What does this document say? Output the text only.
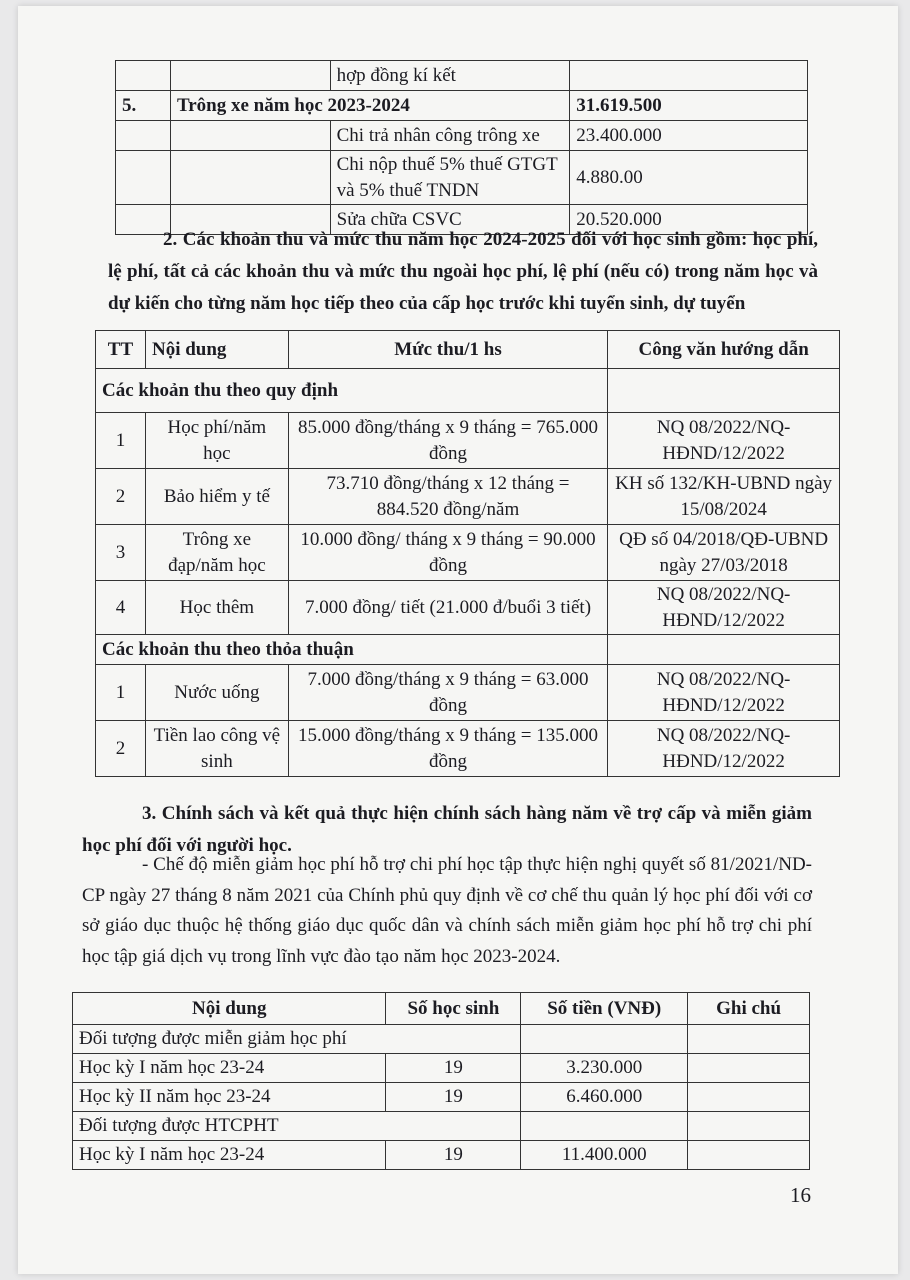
		hợp đồng kí kết	
5.	Trông xe năm học 2023-2024		31.619.500
		Chi trả nhân công trông xe	23.400.000
		Chi nộp thuế 5% thuế GTGT và 5% thuế TNDN	4.880.00
		Sửa chữa CSVC	20.520.000
2. Các khoản thu và mức thu năm học 2024-2025 đối với học sinh gồm: học phí, lệ phí, tất cả các khoản thu và mức thu ngoài học phí, lệ phí (nếu có) trong năm học và dự kiến cho từng năm học tiếp theo của cấp học trước khi tuyển sinh, dự tuyển
TT	Nội dung	Mức thu/1 hs	Công văn hướng dẫn
Các khoản thu theo quy định			
1	Học phí/năm học	85.000 đồng/tháng x 9 tháng = 765.000 đồng	NQ 08/2022/NQ-HĐND/12/2022
2	Bảo hiểm y tế	73.710 đồng/tháng x 12 tháng = 884.520 đồng/năm	KH số 132/KH-UBND ngày 15/08/2024
3	Trông xe đạp/năm học	10.000 đồng/ tháng x 9 tháng = 90.000 đồng	QĐ số 04/2018/QĐ-UBND ngày 27/03/2018
4	Học thêm	7.000 đồng/ tiết (21.000 đ/buổi 3 tiết)	NQ 08/2022/NQ-HĐND/12/2022
Các khoản thu theo thỏa thuận			
1	Nước uống	7.000 đồng/tháng x 9 tháng = 63.000 đồng	NQ 08/2022/NQ-HĐND/12/2022
2	Tiền lao công vệ sinh	15.000 đồng/tháng x 9 tháng = 135.000 đồng	NQ 08/2022/NQ-HĐND/12/2022
3. Chính sách và kết quả thực hiện chính sách hàng năm về trợ cấp và miễn giảm học phí đối với người học.
- Chế độ miễn giảm học phí hỗ trợ chi phí học tập thực hiện nghị quyết số 81/2021/ND-CP ngày 27 tháng 8 năm 2021 của Chính phủ quy định về cơ chế thu quản lý học phí đối với cơ sở giáo dục thuộc hệ thống giáo dục quốc dân và chính sách miễn giảm học phí hỗ trợ chi phí học tập giá dịch vụ trong lĩnh vực đào tạo năm học 2023-2024.
Nội dung	Số học sinh	Số tiền (VNĐ)	Ghi chú
Đối tượng được miễn giảm học phí			
Học kỳ I năm học 23-24	19	3.230.000	
Học kỳ II năm học 23-24	19	6.460.000	
Đối tượng được HTCPHT			
Học kỳ I năm học 23-24	19	11.400.000	
16
